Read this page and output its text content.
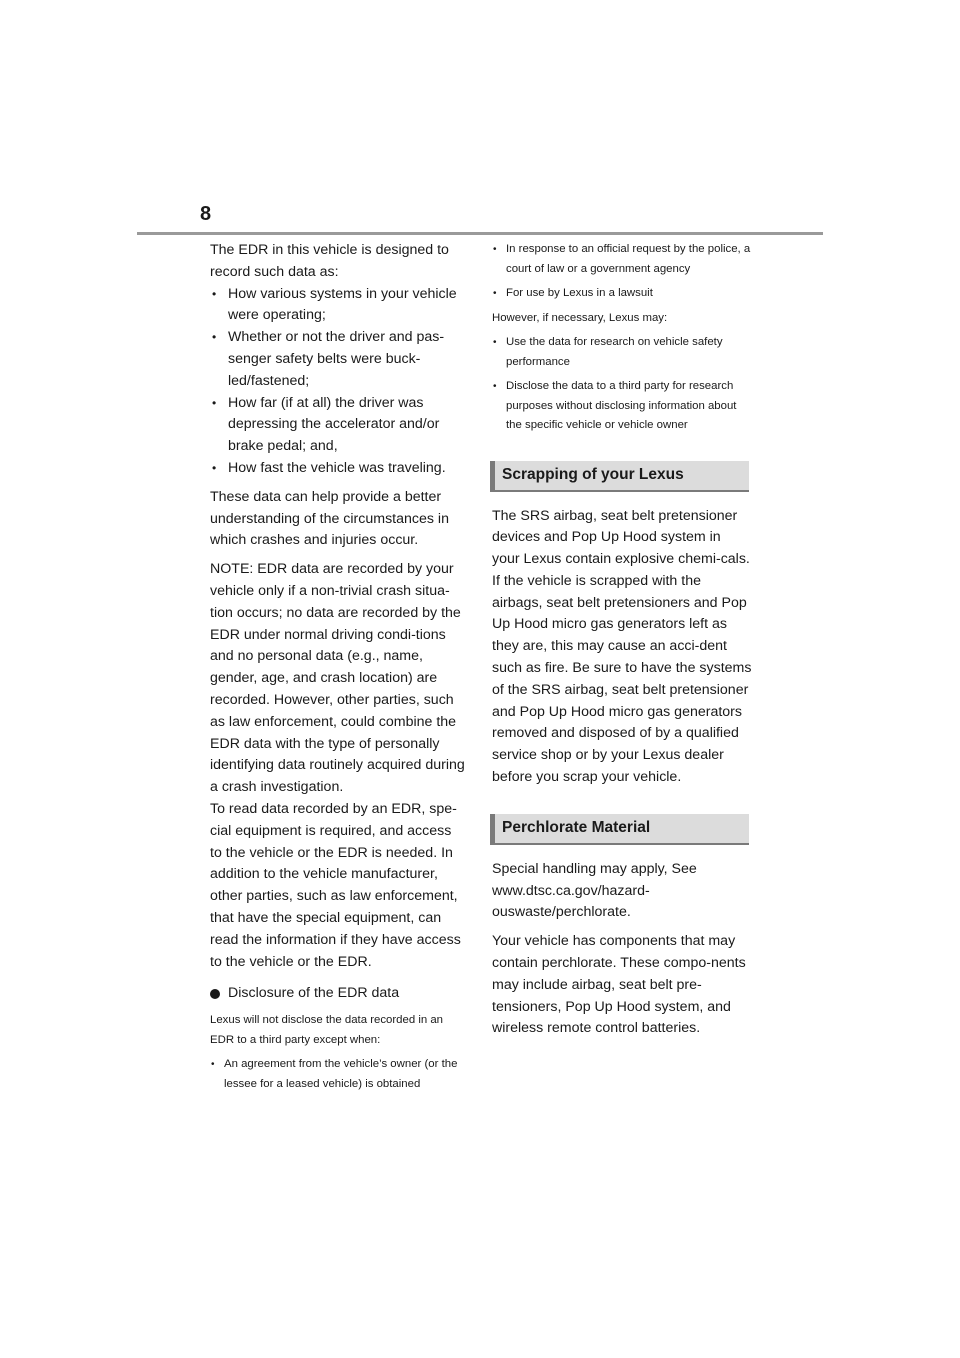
8

The EDR in this vehicle is designed to record such data as:

• How various systems in your vehicle were operating;
• Whether or not the driver and pas-senger safety belts were buck-led/fastened;
• How far (if at all) the driver was depressing the accelerator and/or brake pedal; and,
• How fast the vehicle was traveling.

These data can help provide a better understanding of the circumstances in which crashes and injuries occur.

NOTE: EDR data are recorded by your vehicle only if a non-trivial crash situa-tion occurs; no data are recorded by the EDR under normal driving condi-tions and no personal data (e.g., name, gender, age, and crash location) are recorded. However, other parties, such as law enforcement, could combine the EDR data with the type of personally identifying data routinely acquired during a crash investigation.

To read data recorded by an EDR, spe-cial equipment is required, and access to the vehicle or the EDR is needed. In addition to the vehicle manufacturer, other parties, such as law enforcement, that have the special equipment, can read the information if they have access to the vehicle or the EDR.

Disclosure of the EDR data

Lexus will not disclose the data recorded in an EDR to a third party except when:

• An agreement from the vehicle’s owner (or the lessee for a leased vehicle) is obtained
• In response to an official request by the police, a court of law or a government agency
• For use by Lexus in a lawsuit

However, if necessary, Lexus may:

• Use the data for research on vehicle safety performance
• Disclose the data to a third party for research purposes without disclosing information about the specific vehicle or vehicle owner
Scrapping of your Lexus

The SRS airbag, seat belt pretensioner devices and Pop Up Hood system in your Lexus contain explosive chemi-cals. If the vehicle is scrapped with the airbags, seat belt pretensioners and Pop Up Hood micro gas generators left as they are, this may cause an acci-dent such as fire. Be sure to have the systems of the SRS airbag, seat belt pretensioner and Pop Up Hood micro gas generators removed and disposed of by a qualified service shop or by your Lexus dealer before you scrap your vehicle.

Perchlorate Material

Special handling may apply, See www.dtsc.ca.gov/hazard-ouswaste/perchlorate.

Your vehicle has components that may contain perchlorate. These compo-nents may include airbag, seat belt pre-tensioners, Pop Up Hood system, and wireless remote control batteries.
